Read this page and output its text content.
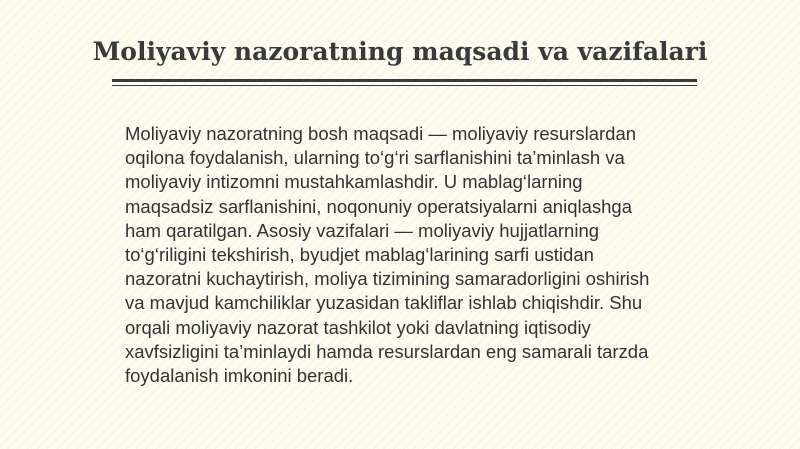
Moliyaviy nazoratning maqsadi va vazifalari

Moliyaviy nazoratning bosh maqsadi — moliyaviy resurslardan
oqilona foydalanish, ularning to‘g‘ri sarflanishini ta’minlash va
moliyaviy intizomni mustahkamlashdir. U mablag‘larning
maqsadsiz sarflanishini, noqonuniy operatsiyalarni aniqlashga
ham qaratilgan. Asosiy vazifalari — moliyaviy hujjatlarning
to‘g‘riligini tekshirish, byudjet mablag‘larining sarfi ustidan
nazoratni kuchaytirish, moliya tizimining samaradorligini oshirish
va mavjud kamchiliklar yuzasidan takliflar ishlab chiqishdir. Shu
orqali moliyaviy nazorat tashkilot yoki davlatning iqtisodiy
xavfsizligini ta’minlaydi hamda resurslardan eng samarali tarzda
foydalanish imkonini beradi.
